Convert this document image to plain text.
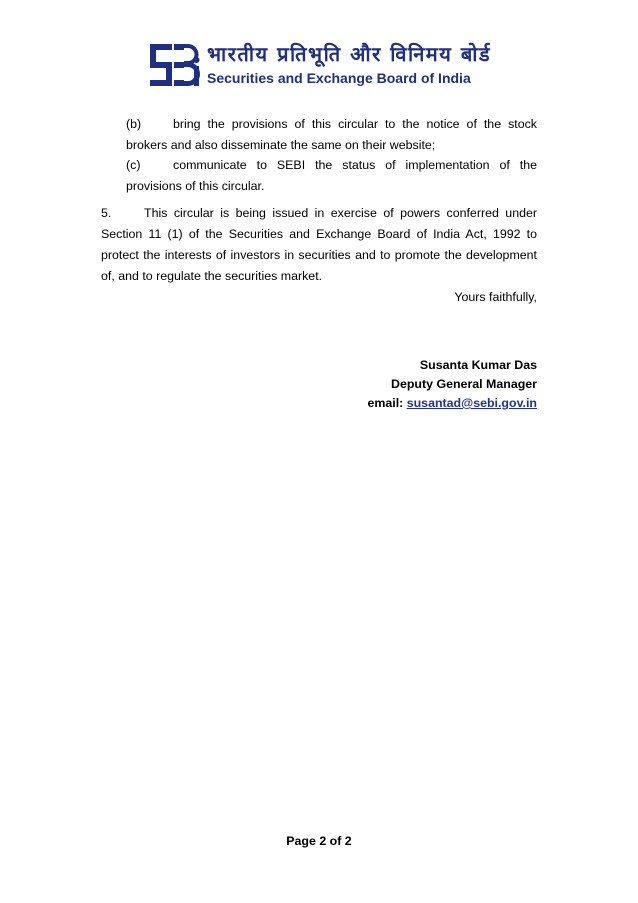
भारतीय प्रतिभूति और विनिमय बोर्ड
Securities and Exchange Board of India
(b)	bring the provisions of this circular to the notice of the stock brokers and also disseminate the same on their website;
(c)	communicate to SEBI the status of implementation of the provisions of this circular.
5.	This circular is being issued in exercise of powers conferred under Section 11 (1) of the Securities and Exchange Board of India Act, 1992 to protect the interests of investors in securities and to promote the development of, and to regulate the securities market.
Yours faithfully,
Susanta Kumar Das
Deputy General Manager
email: susantad@sebi.gov.in
Page 2 of 2
